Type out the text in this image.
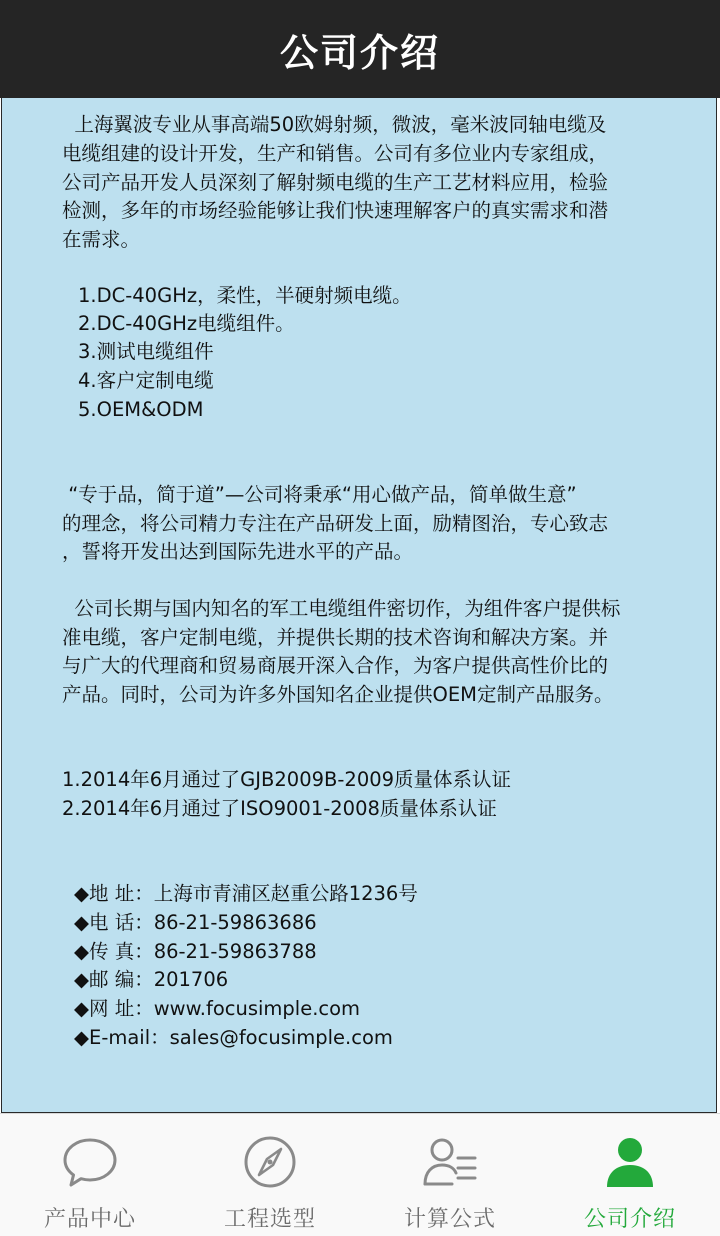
公司介绍
上海翼波专业从事高端50欧姆射频，微波，毫米波同轴电缆及
电缆组建的设计开发，生产和销售。公司有多位业内专家组成，
公司产品开发人员深刻了解射频电缆的生产工艺材料应用，检验
检测，多年的市场经验能够让我们快速理解客户的真实需求和潜
在需求。
1.DC-40GHz，柔性，半硬射频电缆。
2.DC-40GHz电缆组件。
3.测试电缆组件
4.客户定制电缆
5.OEM&ODM
“专于品，简于道”—公司将秉承“用心做产品，简单做生意”
的理念，将公司精力专注在产品研发上面，励精图治，专心致志
，誓将开发出达到国际先进水平的产品。
公司长期与国内知名的军工电缆组件密切作，为组件客户提供标
准电缆，客户定制电缆，并提供长期的技术咨询和解决方案。并
与广大的代理商和贸易商展开深入合作，为客户提供高性价比的
产品。同时，公司为许多外国知名企业提供OEM定制产品服务。
1.2014年6月通过了GJB2009B-2009质量体系认证
2.2014年6月通过了ISO9001-2008质量体系认证
◆地 址：上海市青浦区赵重公路1236号
◆电 话：86-21-59863686
◆传 真：86-21-59863788
◆邮 编：201706
◆网 址：www.focusimple.com
◆E-mail：sales@focusimple.com
产品中心	工程选型	计算公式	公司介绍
